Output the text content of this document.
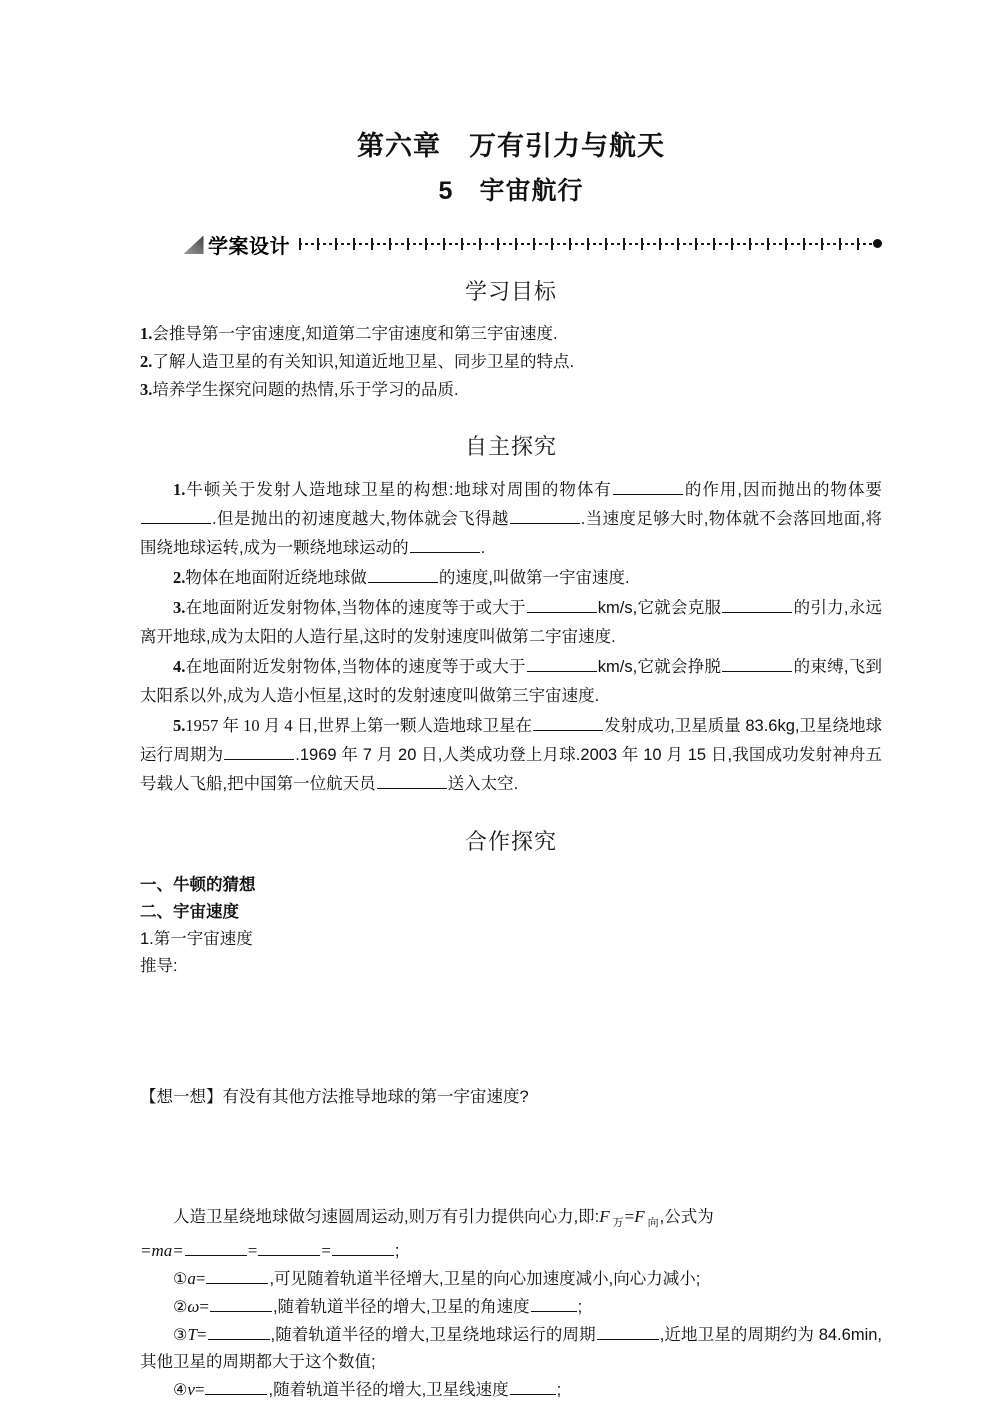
第六章　万有引力与航天
5　宇宙航行
学案设计
学习目标

1.会推导第一宇宙速度,知道第二宇宙速度和第三宇宙速度.

2.了解人造卫星的有关知识,知道近地卫星、同步卫星的特点.

3.培养学生探究问题的热情,乐于学习的品质.

自主探究

1.牛顿关于发射人造地球卫星的构想:地球对周围的物体有	的作用,因而抛出的物体要.但是抛出的初速度越大,物体就会飞得越	.当速度足够大时,物体就不会落回地面,将围绕地球运转,成为一颗绕地球运动的	.

2.物体在地面附近绕地球做	的速度,叫做第一宇宙速度.

3.在地面附近发射物体,当物体的速度等于或大于	km/s,它就会克服	的引力,永远离开地球,成为太阳的人造行星,这时的发射速度叫做第二宇宙速度.

4.在地面附近发射物体,当物体的速度等于或大于	km/s,它就会挣脱	的束缚,飞到太阳系以外,成为人造小恒星,这时的发射速度叫做第三宇宙速度.

5.1957 年 10 月 4 日,世界上第一颗人造地球卫星在	发射成功,卫星质量 83.6kg,卫星绕地球运行周期为	.1969 年 7 月 20 日,人类成功登上月球.2003 年 10 月 15 日,我国成功发射神舟五号载人飞船,把中国第一位航天员	送入太空.

合作探究

一、牛顿的猜想

二、宇宙速度

1.第一宇宙速度

推导:

【想一想】有没有其他方法推导地球的第一宇宙速度?

人造卫星绕地球做匀速圆周运动,则万有引力提供向心力,即:F $_万$=F $_向$,公式为

=ma=	=	=	;

①a=	,可见随着轨道半径增大,卫星的向心加速度减小,向心力减小;

②ω=	,随着轨道半径的增大,卫星的角速度	;

③T=	,随着轨道半径的增大,卫星绕地球运行的周期	,近地卫星的周期约为 84.6min,其他卫星的周期都大于这个数值;

④v=	,随着轨道半径的增大,卫星线速度	;
